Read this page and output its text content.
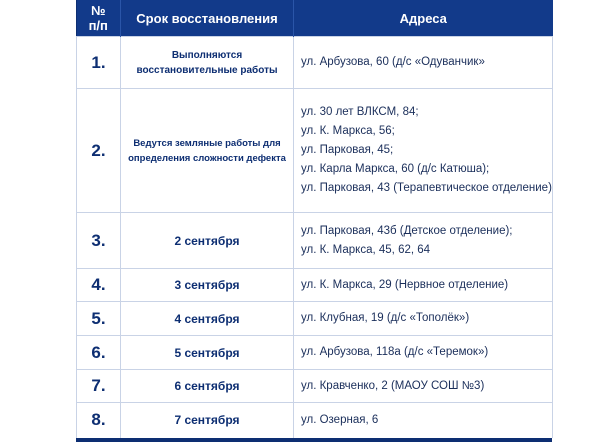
№
п/п	Срок восстановления	Адреса
1.	Выполняются восстановительные работы	ул. Арбузова, 60 (д/с «Одуванчик»

2.	Ведутся земляные работы для определения сложности дефекта	ул. 30 лет ВЛКСМ, 84;
ул. К. Маркса, 56;
ул. Парковая, 45;
ул. Карла Маркса, 60 (д/с Катюша);
ул. Парковая, 43 (Терапевтическое отделение)

3.	2 сентября	ул. Парковая, 43б (Детское отделение);
ул. К. Маркса, 45, 62, 64

4.	3 сентября	ул. К. Маркса, 29 (Нервное отделение)

5.	4 сентября	ул. Клубная, 19 (д/с «Тополёк»)

6.	5 сентября	ул. Арбузова, 118а (д/с «Теремок»)

7.	6 сентября	ул. Кравченко, 2 (МАОУ СОШ №3)

8.	7 сентября	ул. Озерная, 6
